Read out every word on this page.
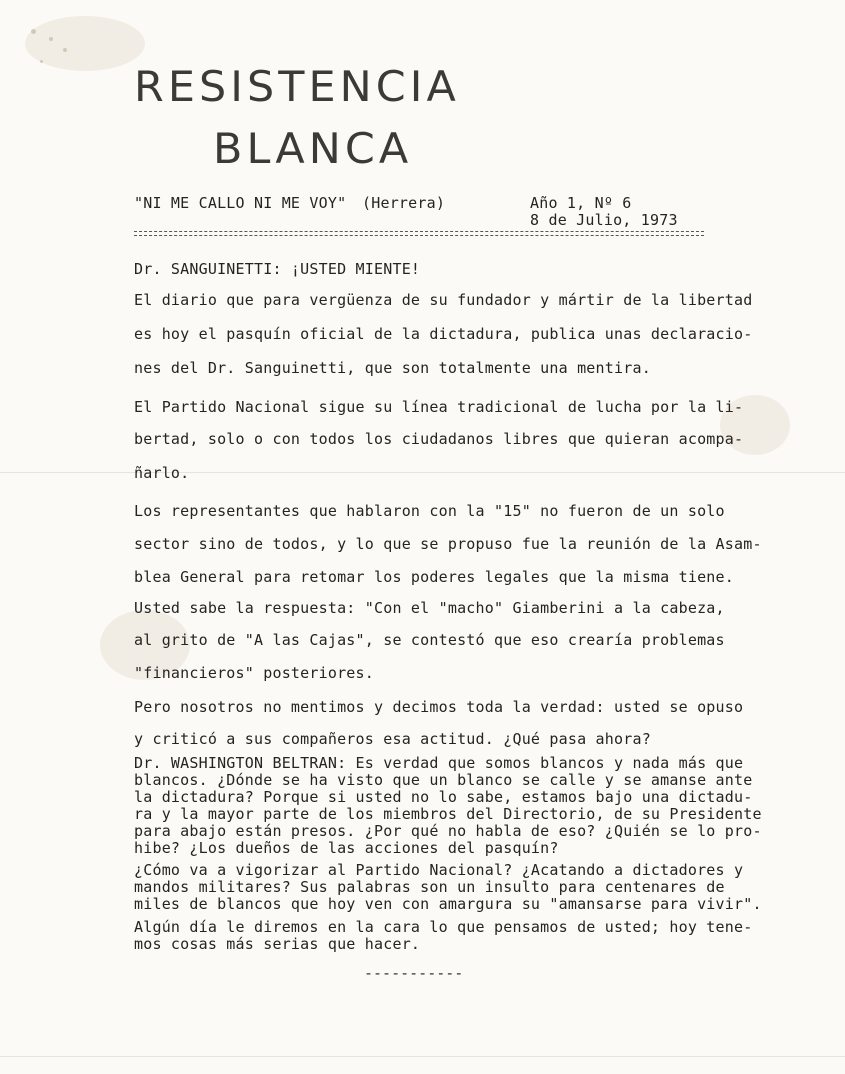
RESISTENCIA
BLANCA
"NI ME CALLO NI ME VOY" (Herrera)	Año 1, Nº 6
8 de Julio, 1973
Dr. SANGUINETTI: ¡USTED MIENTE!
El diario que para vergüenza de su fundador y mártir de la libertad
es hoy el pasquín oficial de la dictadura, publica unas declaracio-
nes del Dr. Sanguinetti, que son totalmente una mentira.
El Partido Nacional sigue su línea tradicional de lucha por la li-
bertad, solo o con todos los ciudadanos libres que quieran acompa-
ñarlo.
Los representantes que hablaron con la "15" no fueron de un solo
sector sino de todos, y lo que se propuso fue la reunión de la Asam-
blea General para retomar los poderes legales que la misma tiene.
Usted sabe la respuesta: "Con el "macho" Giamberini a la cabeza,
al grito de "A las Cajas", se contestó que eso crearía problemas
"financieros" posteriores.
Pero nosotros no mentimos y decimos toda la verdad: usted se opuso
y criticó a sus compañeros esa actitud. ¿Qué pasa ahora?
Dr. WASHINGTON BELTRAN: Es verdad que somos blancos y nada más que
blancos. ¿Dónde se ha visto que un blanco se calle y se amanse ante
la dictadura? Porque si usted no lo sabe, estamos bajo una dictadu-
ra y la mayor parte de los miembros del Directorio, de su Presidente
para abajo están presos. ¿Por qué no habla de eso? ¿Quién se lo pro-
hibe? ¿Los dueños de las acciones del pasquín?
¿Cómo va a vigorizar al Partido Nacional? ¿Acatando a dictadores y
mandos militares? Sus palabras son un insulto para centenares de
miles de blancos que hoy ven con amargura su "amansarse para vivir".
Algún día le diremos en la cara lo que pensamos de usted; hoy tene-
mos cosas más serias que hacer.
-----------
